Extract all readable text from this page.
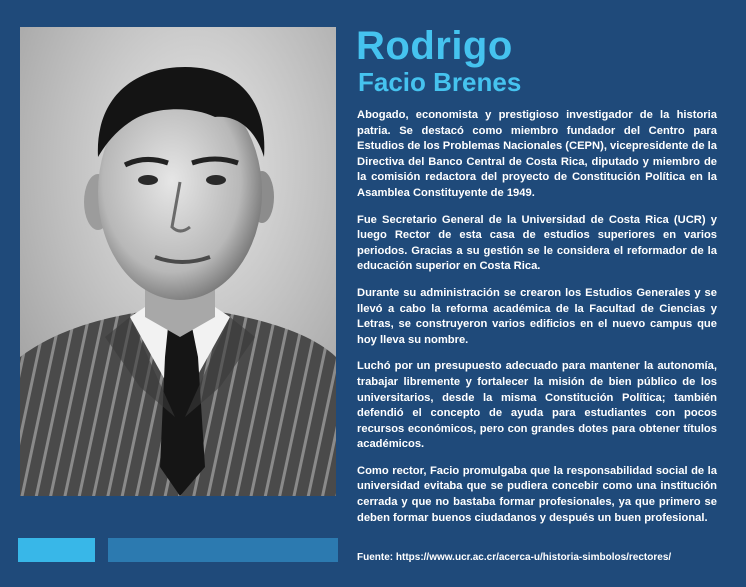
Rodrigo
Facio Brenes

Abogado, economista y prestigioso investigador de la historia patria. Se destacó como miembro fundador del Centro para Estudios de los Problemas Nacionales (CEPN), vicepresidente de la Directiva del Banco Central de Costa Rica, diputado y miembro de la comisión redactora del proyecto de Constitución Política en la Asamblea Constituyente de 1949.

Fue Secretario General de la Universidad de Costa Rica (UCR) y luego Rector de esta casa de estudios superiores en varios periodos. Gracias a su gestión se le considera el reformador de la educación superior en Costa Rica.

Durante su administración se crearon los Estudios Generales y se llevó a cabo la reforma académica de la Facultad de Ciencias y Letras, se construyeron varios edificios en el nuevo campus que hoy lleva su nombre.

Luchó por un presupuesto adecuado para mantener la autonomía, trabajar libremente y fortalecer la misión de bien público de los universitarios, desde la misma Constitución Política; también defendió el concepto de ayuda para estudiantes con pocos recursos económicos, pero con grandes dotes para obtener títulos académicos.

Como rector, Facio promulgaba que la responsabilidad social de la universidad evitaba que se pudiera concebir como una institución cerrada y que no bastaba formar profesionales, ya que primero se deben formar buenos ciudadanos y después un buen profesional.

Fuente: https://www.ucr.ac.cr/acerca-u/historia-simbolos/rectores/
